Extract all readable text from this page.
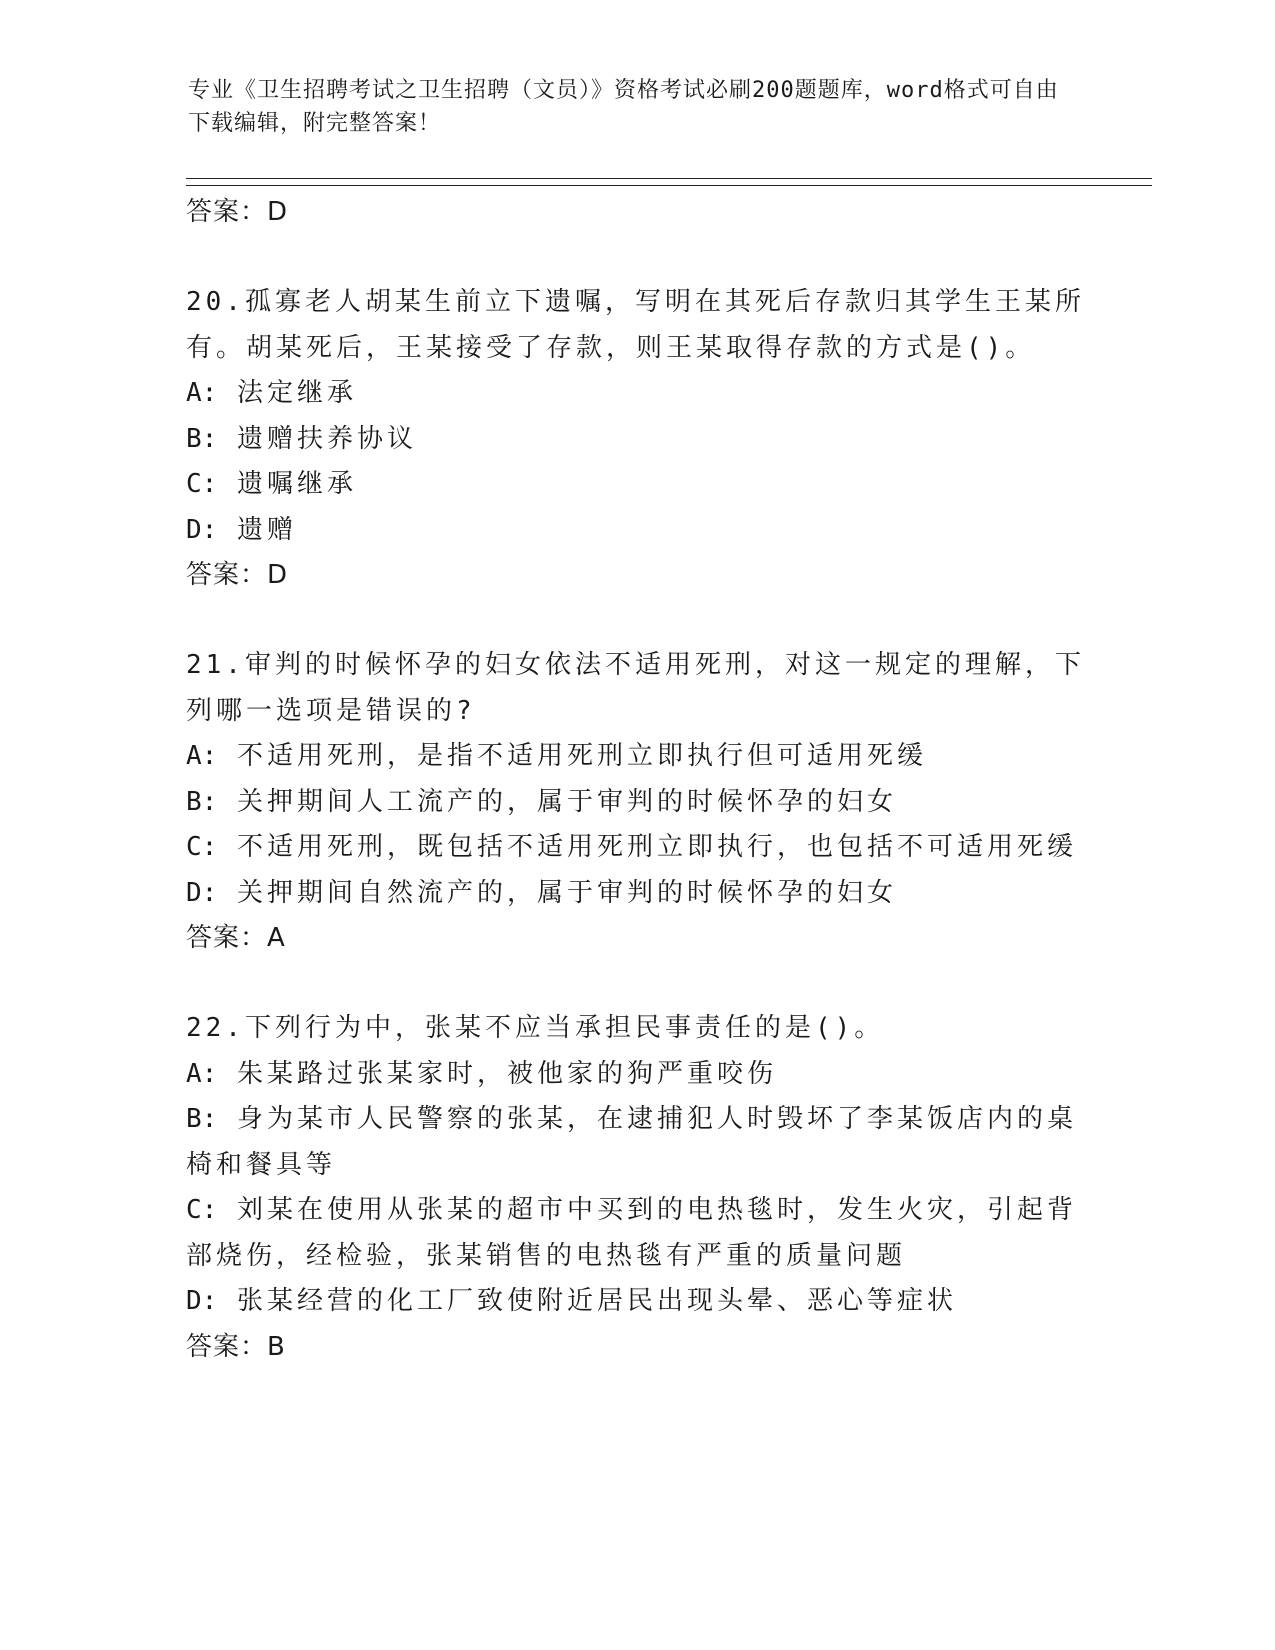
专业《卫生招聘考试之卫生招聘（文员）》资格考试必刷200题题库，word格式可自由下载编辑，附完整答案！
答案：D
20.孤寡老人胡某生前立下遗嘱，写明在其死后存款归其学生王某所有。胡某死后，王某接受了存款，则王某取得存款的方式是()。
A: 法定继承
B: 遗赠扶养协议
C: 遗嘱继承
D: 遗赠
答案：D
21.审判的时候怀孕的妇女依法不适用死刑，对这一规定的理解，下列哪一选项是错误的?
A: 不适用死刑，是指不适用死刑立即执行但可适用死缓
B: 关押期间人工流产的，属于审判的时候怀孕的妇女
C: 不适用死刑，既包括不适用死刑立即执行，也包括不可适用死缓
D: 关押期间自然流产的，属于审判的时候怀孕的妇女
答案：A
22.下列行为中，张某不应当承担民事责任的是()。
A: 朱某路过张某家时，被他家的狗严重咬伤
B: 身为某市人民警察的张某，在逮捕犯人时毁坏了李某饭店内的桌椅和餐具等
C: 刘某在使用从张某的超市中买到的电热毯时，发生火灾，引起背部烧伤，经检验，张某销售的电热毯有严重的质量问题
D: 张某经营的化工厂致使附近居民出现头晕、恶心等症状
答案：B
